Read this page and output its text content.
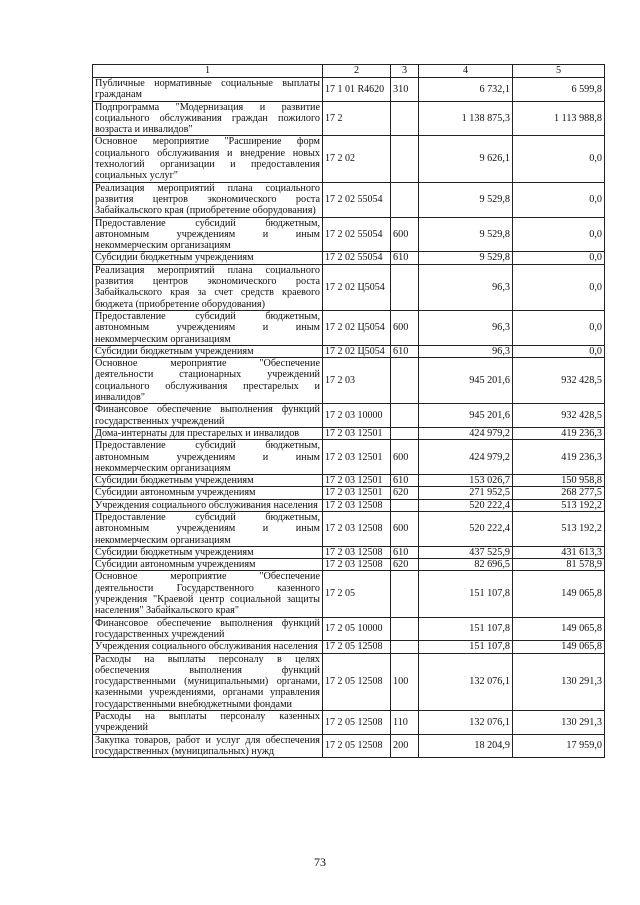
1	2	3	4	5
Публичные нормативные социальные выплаты гражданам	17 1 01 R4620	310	6 732,1	6 599,8
Подпрограмма "Модернизация и развитие социального обслуживания граждан пожилого возраста и инвалидов"	17 2		1 138 875,3	1 113 988,8
Основное мероприятие "Расширение форм социального обслуживания и внедрение новых технологий организации и предоставления социальных услуг"	17 2 02		9 626,1	0,0
Реализация мероприятий плана социального развития центров экономического роста Забайкальского края (приобретение оборудования)	17 2 02 55054		9 529,8	0,0
Предоставление субсидий бюджетным, автономным учреждениям и иным некоммерческим организациям	17 2 02 55054	600	9 529,8	0,0
Субсидии бюджетным учреждениям	17 2 02 55054	610	9 529,8	0,0
Реализация мероприятий плана социального развития центров экономического роста Забайкальского края за счет средств краевого бюджета (приобретение оборудования)	17 2 02 Ц5054		96,3	0,0
Предоставление субсидий бюджетным, автономным учреждениям и иным некоммерческим организациям	17 2 02 Ц5054	600	96,3	0,0
Субсидии бюджетным учреждениям	17 2 02 Ц5054	610	96,3	0,0
Основное мероприятие "Обеспечение деятельности стационарных учреждений социального обслуживания престарелых и инвалидов"	17 2 03		945 201,6	932 428,5
Финансовое обеспечение выполнения функций государственных учреждений	17 2 03 10000		945 201,6	932 428,5
Дома-интернаты для престарелых и инвалидов	17 2 03 12501		424 979,2	419 236,3
Предоставление субсидий бюджетным, автономным учреждениям и иным некоммерческим организациям	17 2 03 12501	600	424 979,2	419 236,3
Субсидии бюджетным учреждениям	17 2 03 12501	610	153 026,7	150 958,8
Субсидии автономным учреждениям	17 2 03 12501	620	271 952,5	268 277,5
Учреждения социального обслуживания населения	17 2 03 12508		520 222,4	513 192,2
Предоставление субсидий бюджетным, автономным учреждениям и иным некоммерческим организациям	17 2 03 12508	600	520 222,4	513 192,2
Субсидии бюджетным учреждениям	17 2 03 12508	610	437 525,9	431 613,3
Субсидии автономным учреждениям	17 2 03 12508	620	82 696,5	81 578,9
Основное мероприятие "Обеспечение деятельности Государственного казенного учреждения "Краевой центр социальной защиты населения" Забайкальского края"	17 2 05		151 107,8	149 065,8
Финансовое обеспечение выполнения функций государственных учреждений	17 2 05 10000		151 107,8	149 065,8
Учреждения социального обслуживания населения	17 2 05 12508		151 107,8	149 065,8
Расходы на выплаты персоналу в целях обеспечения выполнения функций государственными (муниципальными) органами, казенными учреждениями, органами управления государственными внебюджетными фондами	17 2 05 12508	100	132 076,1	130 291,3
Расходы на выплаты персоналу казенных учреждений	17 2 05 12508	110	132 076,1	130 291,3
Закупка товаров, работ и услуг для обеспечения государственных (муниципальных) нужд	17 2 05 12508	200	18 204,9	17 959,0
73
